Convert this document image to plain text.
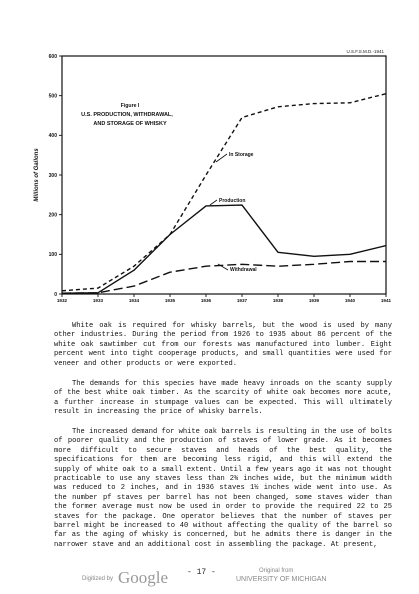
U.S.F.S.M.D.-1941
Figure I
U.S. PRODUCTION, WITHDRAWAL,
AND STORAGE OF WHISKY
Millions of Gallons
0
100
200
300
400
500
600
1932	1933	1934	1935	1936	1937	1938	1939	1940	1941
In Storage
Production
Withdrawal

White oak is required for whisky barrels, but the wood is used by many other industries. During the period from 1926 to 1935 about 86 percent of the white oak sawtimber cut from our forests was manufactured into lumber. Eight percent went into tight cooperage products, and small quantities were used for veneer and other products or were exported.

The demands for this species have made heavy inroads on the scanty supply of the best white oak timber. As the scarcity of white oak becomes more acute, a further increase in stumpage values can be expected. This will ultimately result in increasing the price of whisky barrels.

The increased demand for white oak barrels is resulting in the use of bolts of poorer quality and the production of staves of lower grade. As it becomes more difficult to secure staves and heads of the best quality, the specifications for them are becoming less rigid, and this will extend the supply of white oak to a small extent. Until a few years ago it was not thought practicable to use any staves less than 2¾ inches wide, but the minimum width was reduced to 2 inches, and in 1936 staves 1½ inches wide went into use. As the number pf staves per barrel has not been changed, some staves wider than the former average must now be used in order to provide the required 22 to 25 staves for the package. One operator believes that the number of staves per barrel might be increased to 40 without affecting the quality of the barrel so far as the aging of whisky is concerned, but he admits there is danger in the narrower stave and an additional cost in assembling the package. At present,

Digitized by Google - 17 -	Original from
UNIVERSITY OF MICHIGAN
